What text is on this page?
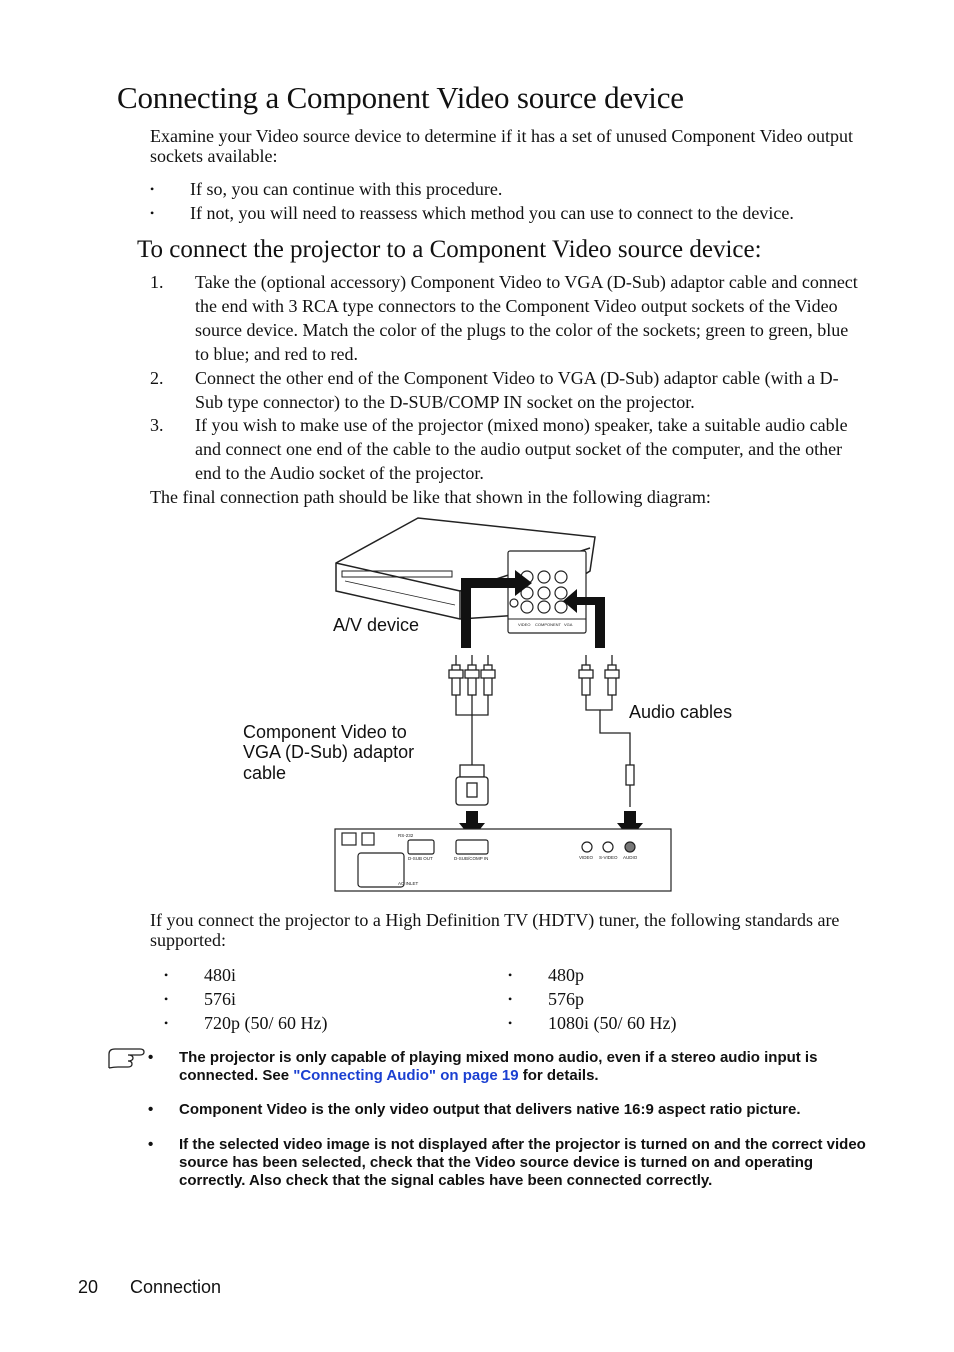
Connecting a Component Video source device
Examine your Video source device to determine if it has a set of unused Component Video output sockets available:
• If so, you can continue with this procedure.
• If not, you will need to reassess which method you can use to connect to the device.
To connect the projector to a Component Video source device:
1. Take the (optional accessory) Component Video to VGA (D-Sub) adaptor cable and connect the end with 3 RCA type connectors to the Component Video output sockets of the Video source device. Match the color of the plugs to the color of the sockets; green to green, blue to blue; and red to red.
2. Connect the other end of the Component Video to VGA (D-Sub) adaptor cable (with a D-Sub type connector) to the D-SUB/COMP IN socket on the projector.
3. If you wish to make use of the projector (mixed mono) speaker, take a suitable audio cable and connect one end of the cable to the audio output socket of the computer, and the other end to the Audio socket of the projector.
The final connection path should be like that shown in the following diagram:
VIDEO COMPONENT VGA
RS-232
D-SUB OUT	D-SUB/COMP IN	VIDEO S-VIDEO AUDIO
AC INLET
A/V device
Audio cables
Component Video to
VGA (D-Sub) adaptor
cable
If you connect the projector to a High Definition TV (HDTV) tuner, the following standards are supported:
• 480i
• 576i
• 720p (50/ 60 Hz)
• 480p
• 576p
• 1080i (50/ 60 Hz)
• The projector is only capable of playing mixed mono audio, even if a stereo audio input is connected. See "Connecting Audio" on page 19 for details.
• Component Video is the only video output that delivers native 16:9 aspect ratio picture.
• If the selected video image is not displayed after the projector is turned on and the correct video source has been selected, check that the Video source device is turned on and operating correctly. Also check that the signal cables have been connected correctly.
20 Connection
